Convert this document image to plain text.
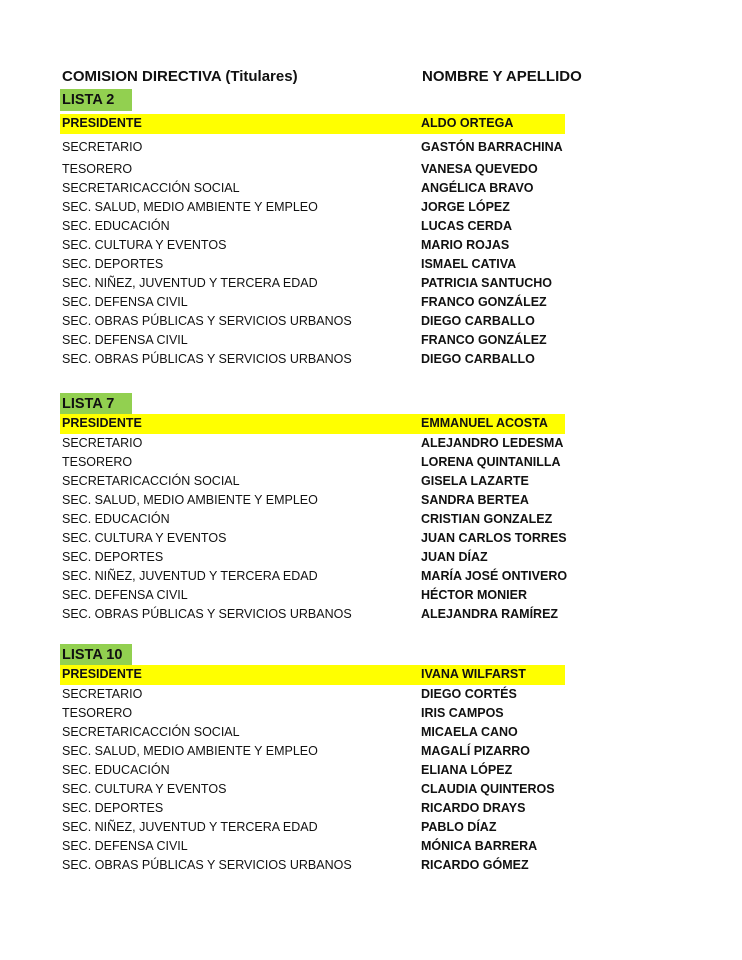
COMISION DIRECTIVA (Titulares)	NOMBRE Y APELLIDO
LISTA 2
PRESIDENTE	ALDO ORTEGA
SECRETARIO	GASTÓN BARRACHINA
TESORERO	VANESA QUEVEDO
SECRETARICACCIÓN SOCIAL	ANGÉLICA BRAVO
SEC. SALUD, MEDIO AMBIENTE Y EMPLEO	JORGE LÓPEZ
SEC. EDUCACIÓN	LUCAS CERDA
SEC. CULTURA Y EVENTOS	MARIO ROJAS
SEC. DEPORTES	ISMAEL CATIVA
SEC. NIÑEZ, JUVENTUD Y TERCERA EDAD	PATRICIA SANTUCHO
SEC. DEFENSA CIVIL	FRANCO GONZÁLEZ
SEC. OBRAS PÚBLICAS Y SERVICIOS URBANOS	DIEGO CARBALLO
SEC. DEFENSA CIVIL	FRANCO GONZÁLEZ
SEC. OBRAS PÚBLICAS Y SERVICIOS URBANOS	DIEGO CARBALLO
LISTA 7
PRESIDENTE	EMMANUEL ACOSTA
SECRETARIO	ALEJANDRO LEDESMA
TESORERO	LORENA QUINTANILLA
SECRETARICACCIÓN SOCIAL	GISELA LAZARTE
SEC. SALUD, MEDIO AMBIENTE Y EMPLEO	SANDRA BERTEA
SEC. EDUCACIÓN	CRISTIAN GONZALEZ
SEC. CULTURA Y EVENTOS	JUAN CARLOS TORRES
SEC. DEPORTES	JUAN DÍAZ
SEC. NIÑEZ, JUVENTUD Y TERCERA EDAD	MARÍA JOSÉ ONTIVERO
SEC. DEFENSA CIVIL	HÉCTOR MONIER
SEC. OBRAS PÚBLICAS Y SERVICIOS URBANOS	ALEJANDRA RAMÍREZ
LISTA 10
PRESIDENTE	IVANA WILFARST
SECRETARIO	DIEGO CORTÉS
TESORERO	IRIS CAMPOS
SECRETARICACCIÓN SOCIAL	MICAELA CANO
SEC. SALUD, MEDIO AMBIENTE Y EMPLEO	MAGALÍ PIZARRO
SEC. EDUCACIÓN	ELIANA LÓPEZ
SEC. CULTURA Y EVENTOS	CLAUDIA QUINTEROS
SEC. DEPORTES	RICARDO DRAYS
SEC. NIÑEZ, JUVENTUD Y TERCERA EDAD	PABLO DÍAZ
SEC. DEFENSA CIVIL	MÓNICA BARRERA
SEC. OBRAS PÚBLICAS Y SERVICIOS URBANOS	RICARDO GÓMEZ
